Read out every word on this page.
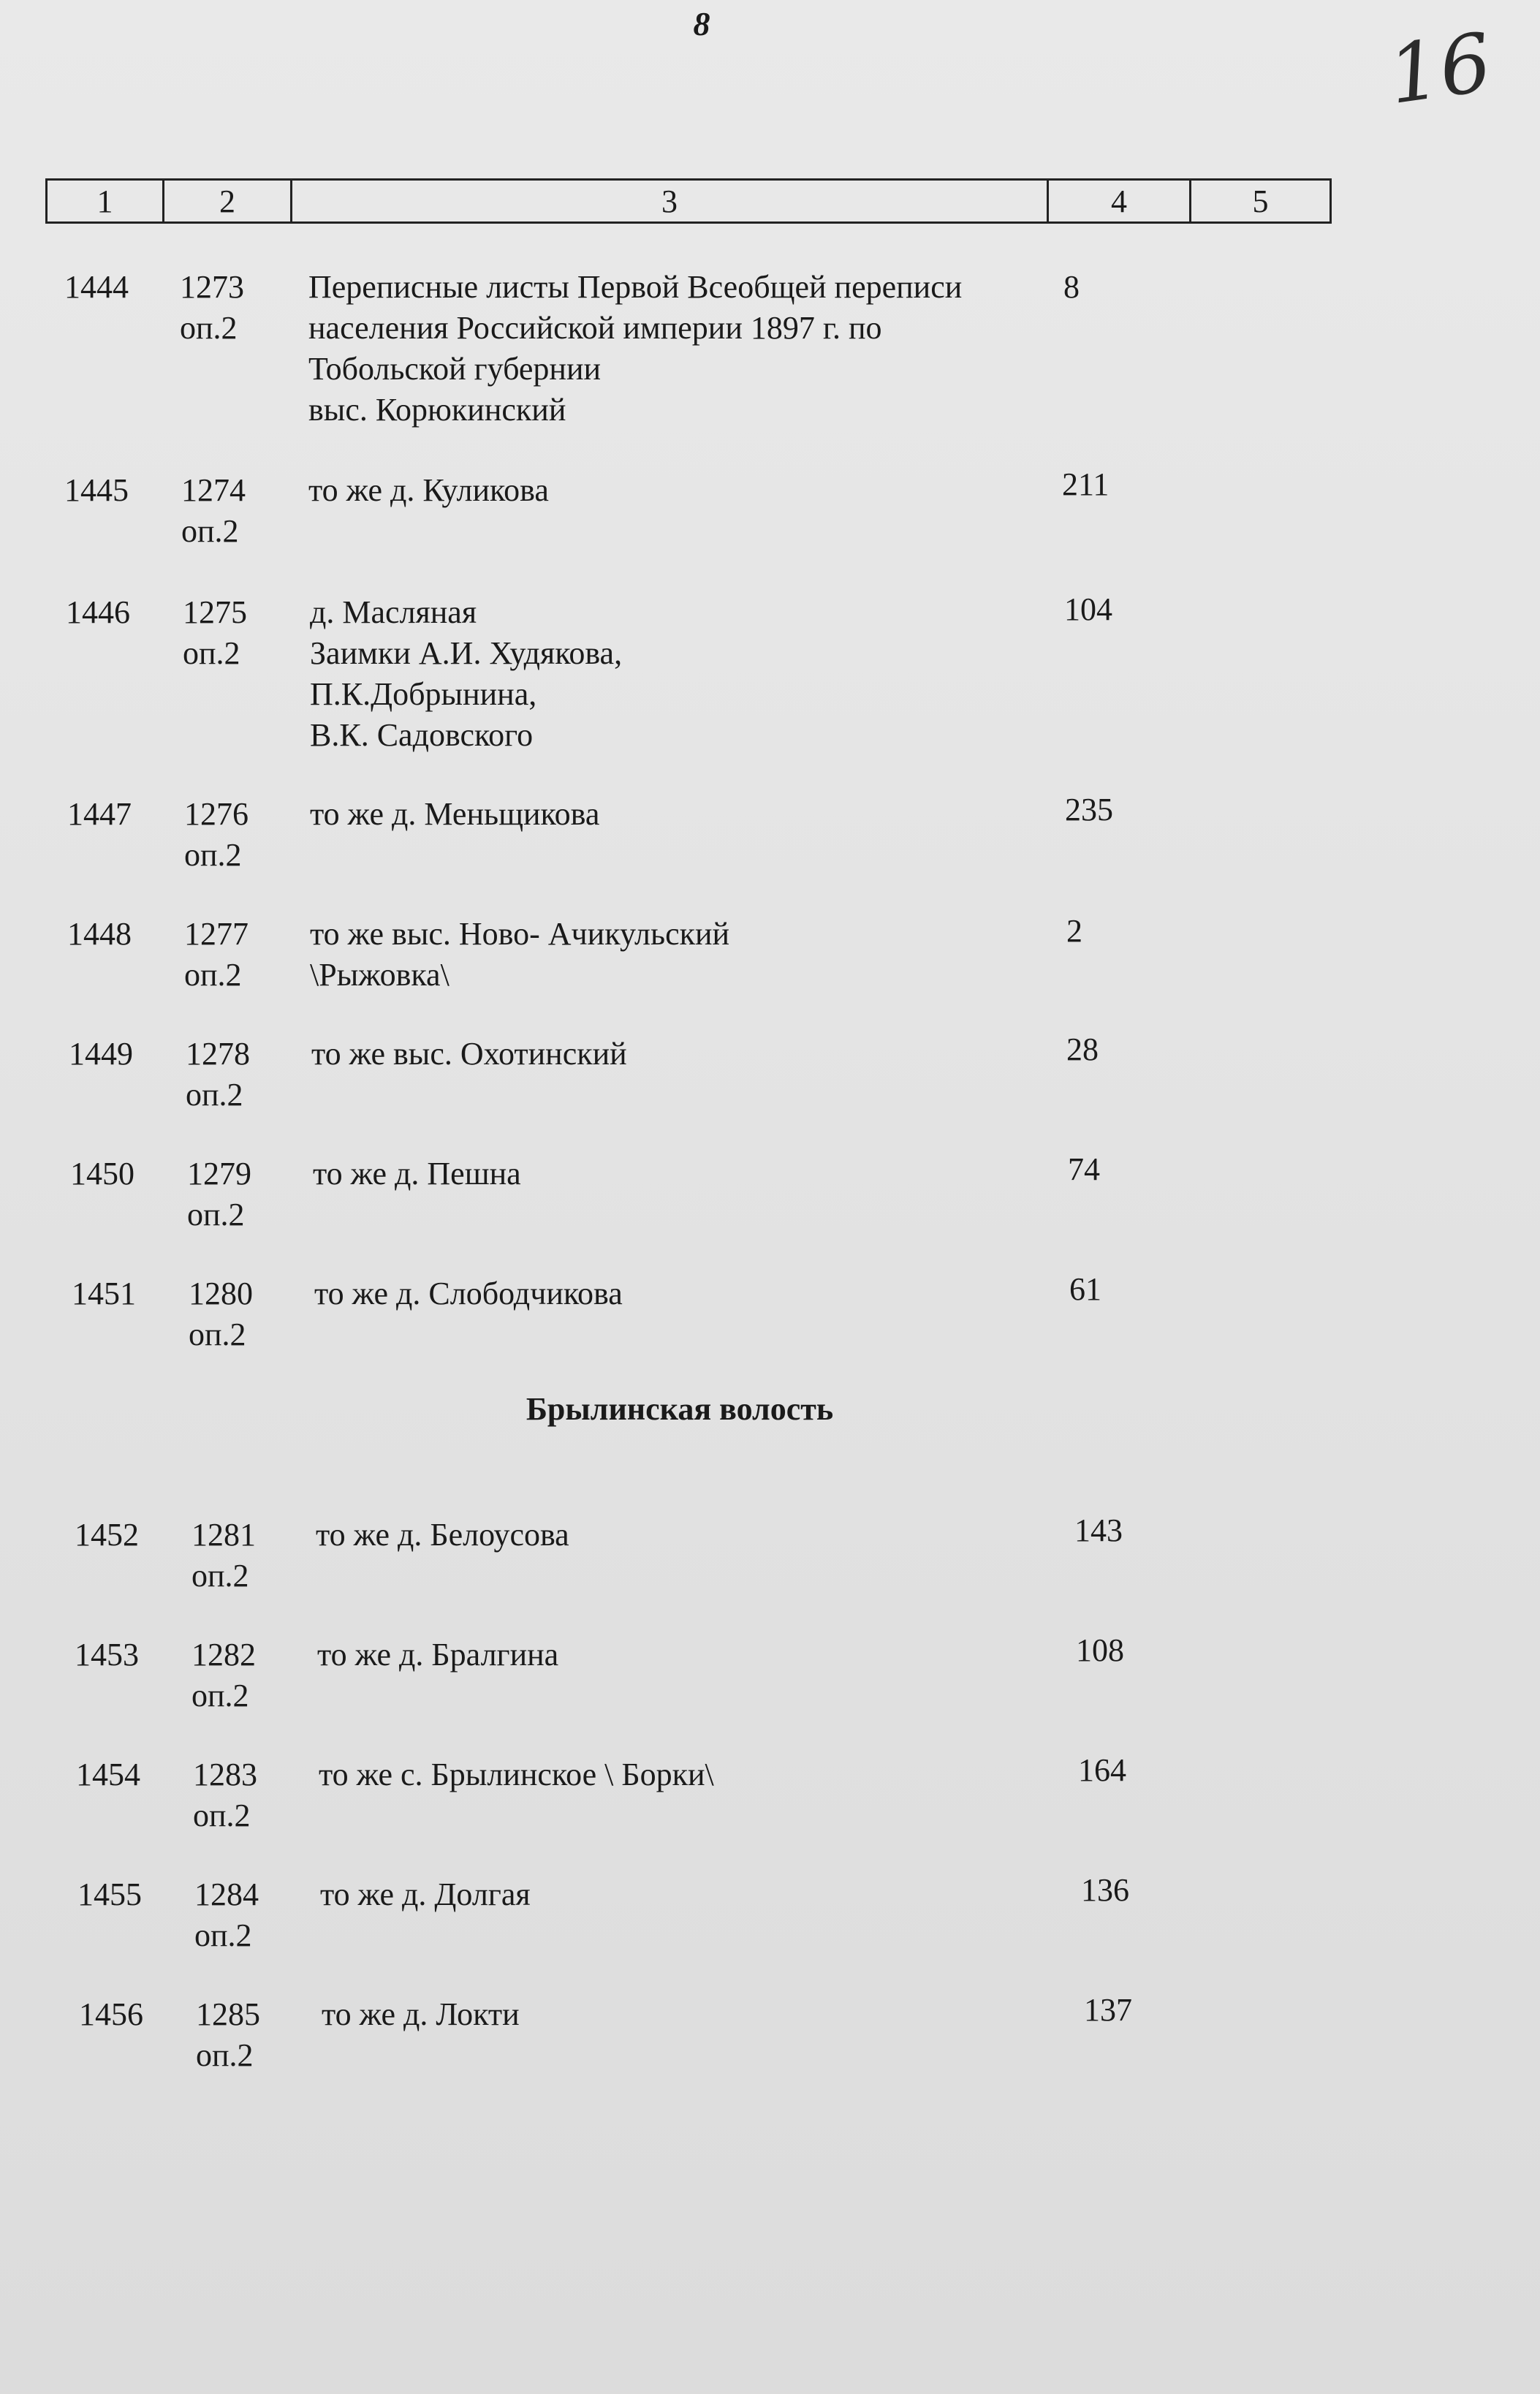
8	16
1	2	3	4	5
1444	1273
оп.2
Переписные листы Первой Всеобщей переписи
населения Российской империи 1897 г. по
Тобольской губернии
выс. Корюкинский
8
1445	1274
оп.2
то же д. Куликова	211
1446	1275
оп.2
д. Масляная
Заимки А.И. Худякова,
П.К.Добрынина,
В.К. Садовского
104
1447	1276
оп.2
то же д. Меньщикова	235
1448	1277
оп.2
то же выс. Ново- Ачикульский
\Рыжовка\
2
1449	1278
оп.2
то же выс. Охотинский	28
1450	1279
оп.2
то же д. Пешна	74
1451	1280
оп.2
то же д. Слободчикова	61
Брылинская волость
1452	1281
оп.2
то же д. Белоусова	143
1453	1282
оп.2
то же д. Бралгина	108
1454	1283
оп.2
то же с. Брылинское \ Борки\	164
1455	1284
оп.2
то же д. Долгая	136
1456	1285
оп.2
то же д. Локти	137
